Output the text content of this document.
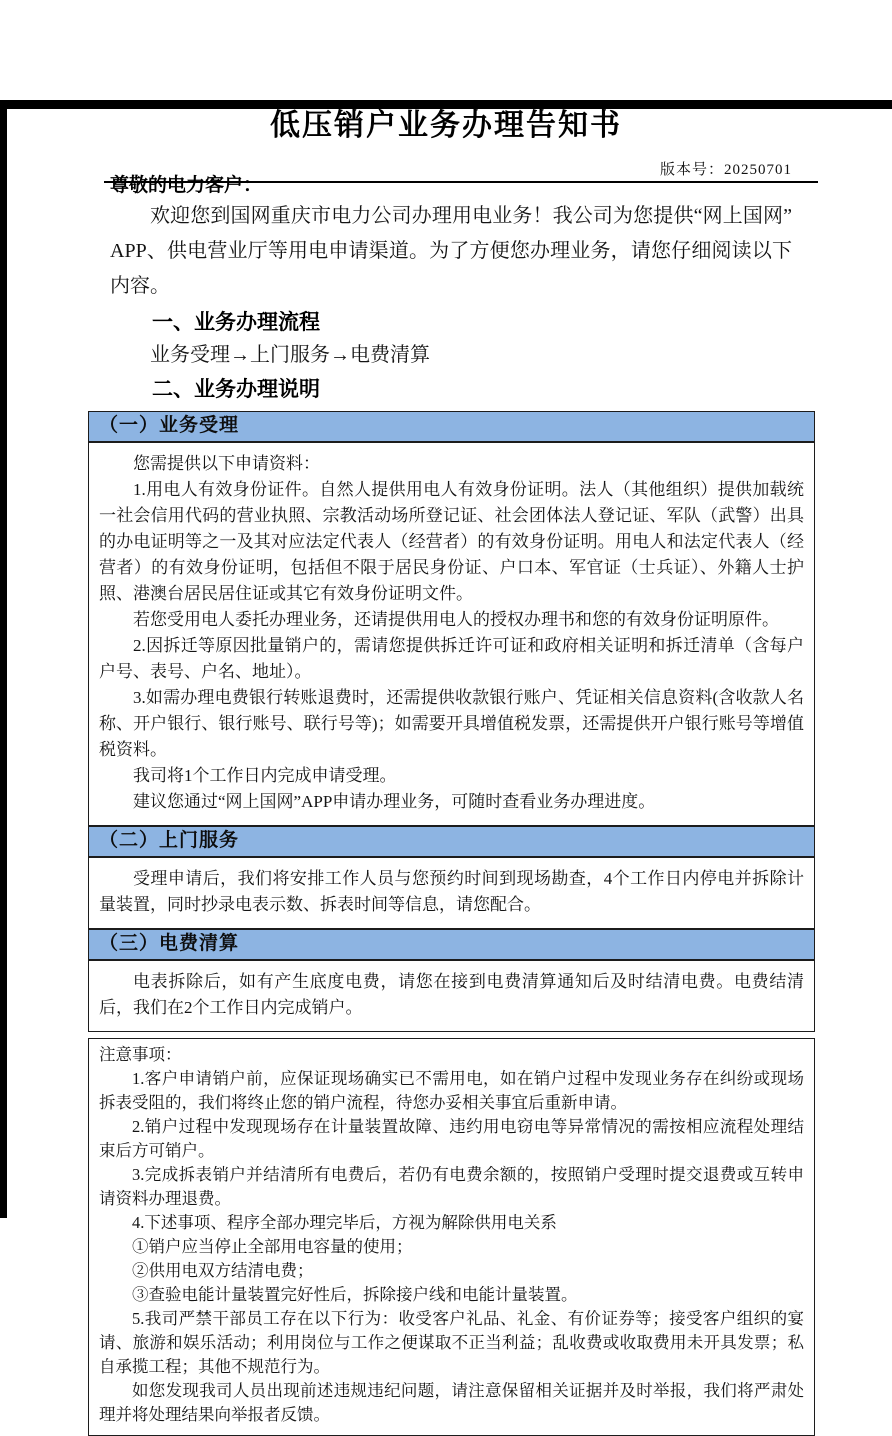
版本号：20250701
低压销户业务办理告知书

尊敬的电力客户：

欢迎您到国网重庆市电力公司办理用电业务！我公司为您提供“网上国网”APP、供电营业厅等用电申请渠道。为了方便您办理业务，请您仔细阅读以下内容。

一、业务办理流程

业务受理→上门服务→电费清算

二、业务办理说明

（一）业务受理

您需提供以下申请资料：

1.用电人有效身份证件。自然人提供用电人有效身份证明。法人（其他组织）提供加载统一社会信用代码的营业执照、宗教活动场所登记证、社会团体法人登记证、军队（武警）出具的办电证明等之一及其对应法定代表人（经营者）的有效身份证明。用电人和法定代表人（经营者）的有效身份证明，包括但不限于居民身份证、户口本、军官证（士兵证）、外籍人士护照、港澳台居民居住证或其它有效身份证明文件。

若您受用电人委托办理业务，还请提供用电人的授权办理书和您的有效身份证明原件。

2.因拆迁等原因批量销户的，需请您提供拆迁许可证和政府相关证明和拆迁清单（含每户户号、表号、户名、地址）。

3.如需办理电费银行转账退费时，还需提供收款银行账户、凭证相关信息资料(含收款人名称、开户银行、银行账号、联行号等)；如需要开具增值税发票，还需提供开户银行账号等增值税资料。

我司将1个工作日内完成申请受理。

建议您通过“网上国网”APP申请办理业务，可随时查看业务办理进度。

（二）上门服务

受理申请后，我们将安排工作人员与您预约时间到现场勘查，4个工作日内停电并拆除计量装置，同时抄录电表示数、拆表时间等信息，请您配合。

（三）电费清算

电表拆除后，如有产生底度电费，请您在接到电费清算通知后及时结清电费。电费结清后，我们在2个工作日内完成销户。

注意事项：

1.客户申请销户前，应保证现场确实已不需用电，如在销户过程中发现业务存在纠纷或现场拆表受阻的，我们将终止您的销户流程，待您办妥相关事宜后重新申请。

2.销户过程中发现现场存在计量装置故障、违约用电窃电等异常情况的需按相应流程处理结束后方可销户。

3.完成拆表销户并结清所有电费后，若仍有电费余额的，按照销户受理时提交退费或互转申请资料办理退费。

4.下述事项、程序全部办理完毕后，方视为解除供用电关系

①销户应当停止全部用电容量的使用；

②供用电双方结清电费；

③查验电能计量装置完好性后，拆除接户线和电能计量装置。

5.我司严禁干部员工存在以下行为：收受客户礼品、礼金、有价证券等；接受客户组织的宴请、旅游和娱乐活动；利用岗位与工作之便谋取不正当利益；乱收费或收取费用未开具发票；私自承揽工程；其他不规范行为。

如您发现我司人员出现前述违规违纪问题，请注意保留相关证据并及时举报，我们将严肃处理并将处理结果向举报者反馈。
